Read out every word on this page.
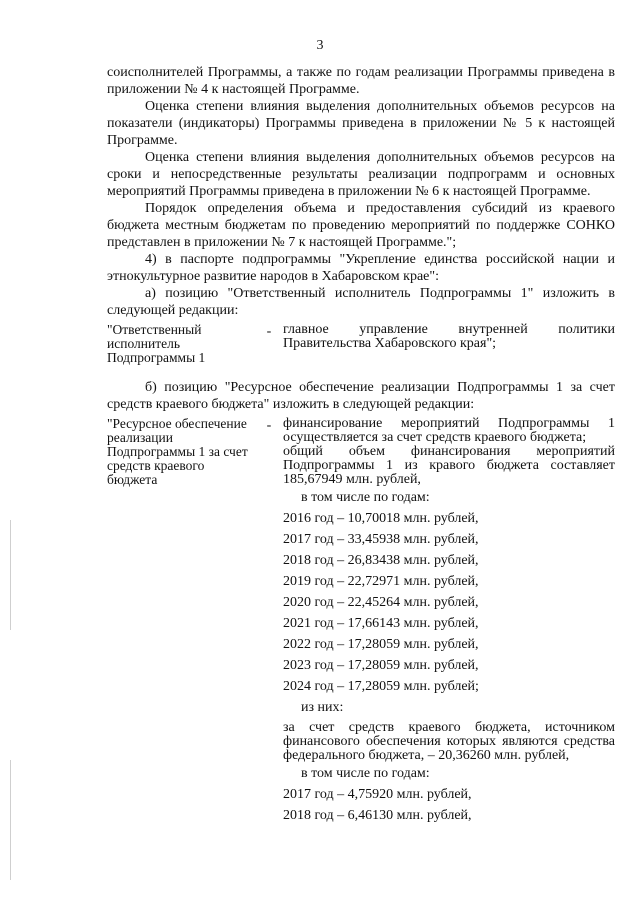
3

соисполнителей Программы, а также по годам реализации Программы приведена в приложении № 4 к настоящей Программе.

Оценка степени влияния выделения дополнительных объемов ресурсов на показатели (индикаторы) Программы приведена в приложении № 5 к настоящей Программе.

Оценка степени влияния выделения дополнительных объемов ресурсов на сроки и непосредственные результаты реализации подпрограмм и основных мероприятий Программы приведена в приложении № 6 к настоящей Программе.

Порядок определения объема и предоставления субсидий из краевого бюджета местным бюджетам по проведению мероприятий по поддержке СОНКО представлен в приложении № 7 к настоящей Программе.";

4) в паспорте подпрограммы "Укрепление единства российской нации и этнокультурное развитие народов в Хабаровском крае":

а) позицию "Ответственный исполнитель Подпрограммы 1" изложить в следующей редакции:

"Ответственный исполнитель Подпрограммы 1
- главное управление внутренней политики Правительства Хабаровского края";

б) позицию "Ресурсное обеспечение реализации Подпрограммы 1 за счет средств краевого бюджета" изложить в следующей редакции:

"Ресурсное обеспечение реализации Подпрограммы 1 за счет средств краевого бюджета
- финансирование мероприятий Подпрограммы 1 осуществляется за счет средств краевого бюджета;

общий объем финансирования мероприятий Подпрограммы 1 из кравого бюджета составляет 185,67949 млн. рублей,

в том числе по годам:

2016 год – 10,70018 млн. рублей,

2017 год – 33,45938 млн. рублей,

2018 год – 26,83438 млн. рублей,

2019 год – 22,72971 млн. рублей,

2020 год – 22,45264 млн. рублей,

2021 год – 17,66143 млн. рублей,

2022 год – 17,28059 млн. рублей,

2023 год – 17,28059 млн. рублей,

2024 год – 17,28059 млн. рублей;

из них:

за счет средств краевого бюджета, источником финансового обеспечения которых являются средства федерального бюджета, – 20,36260 млн. рублей,

в том числе по годам:

2017 год – 4,75920 млн. рублей,

2018 год – 6,46130 млн. рублей,
